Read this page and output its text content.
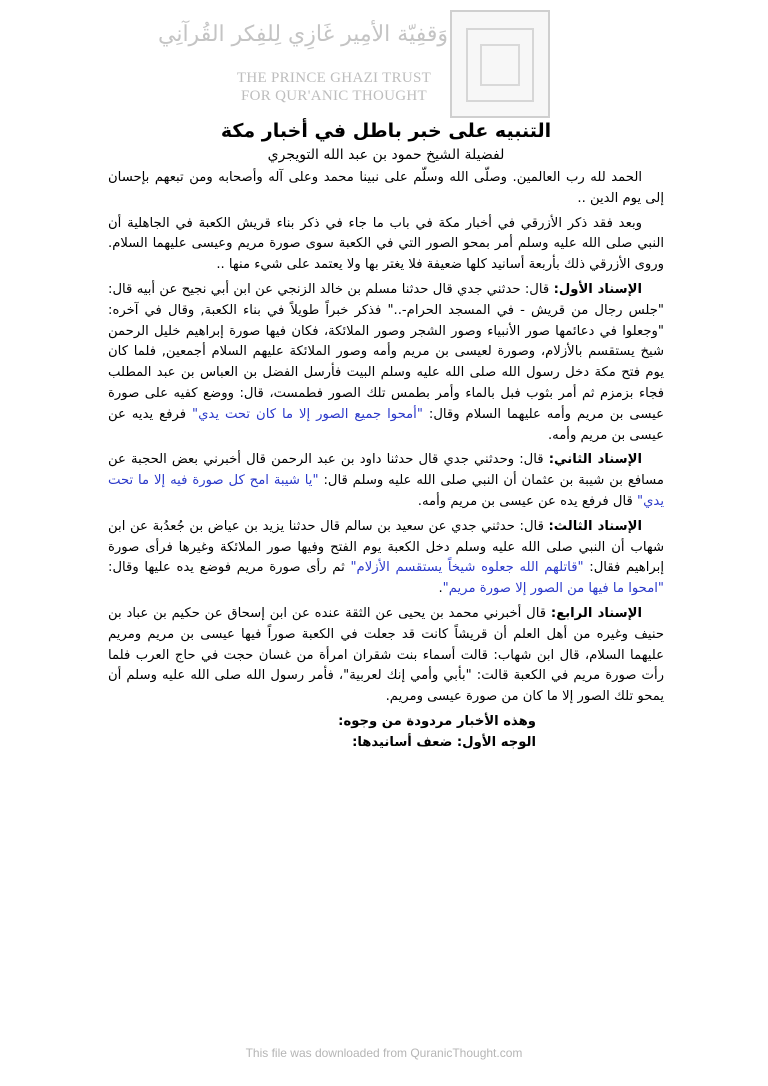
وَقفِيّة الأمِير غَازِي لِلفِكر القُرآنِي
THE PRINCE GHAZI TRUST
FOR QUR'ANIC THOUGHT
التنبيه على خبر باطل في أخبار مكة
لفضيلة الشيخ حمود بن عبد الله التويجري

الحمد لله رب العالمين. وصلّى الله وسلّم على نبينا محمد وعلى آله وأصحابه ومن تبعهم بإحسان إلى يوم الدين ..

وبعد فقد ذكر الأزرقي في أخبار مكة في باب ما جاء في ذكر بناء قريش الكعبة في الجاهلية أن النبي صلى الله عليه وسلم أمر بمحو الصور التي في الكعبة سوى صورة مريم وعيسى عليهما السلام. وروى الأزرقي ذلك بأربعة أسانيد كلها ضعيفة فلا يغتر بها ولا يعتمد على شيء منها ..

الإسناد الأول: قال: حدثني جدي قال حدثنا مسلم بن خالد الزنجي عن ابن أبي نجيح عن أبيه قال: "جلس رجال من قريش - في المسجد الحرام-.." فذكر خبراً طويلاً في بناء الكعبة, وقال في آخره: "وجعلوا في دعائمها صور الأنبياء وصور الشجر وصور الملائكة، فكان فيها صورة إبراهيم خليل الرحمن شيخ يستقسم بالأزلام، وصورة لعيسى بن مريم وأمه وصور الملائكة عليهم السلام أجمعين, فلما كان يوم فتح مكة دخل رسول الله صلى الله عليه وسلم البيت فأرسل الفضل بن العباس بن عبد المطلب فجاء بزمزم ثم أمر بثوب فبل بالماء وأمر بطمس تلك الصور فطمست، قال: ووضع كفيه على صورة عيسى بن مريم وأمه عليهما السلام وقال: "أمحوا جميع الصور إلا ما كان تحت يدي" فرفع يديه عن عيسى بن مريم وأمه.

الإسناد الثاني: قال: وحدثني جدي قال حدثنا داود بن عبد الرحمن قال أخبرني بعض الحجبة عن مسافع بن شيبة بن عثمان أن النبي صلى الله عليه وسلم قال: "يا شيبة امح كل صورة فيه إلا ما تحت يدي" قال فرفع يده عن عيسى بن مريم وأمه.

الإسناد الثالث: قال: حدثني جدي عن سعيد بن سالم قال حدثنا يزيد بن عياض بن جُعدُبة عن ابن شهاب أن النبي صلى الله عليه وسلم دخل الكعبة يوم الفتح وفيها صور الملائكة وغيرها فرأى صورة إبراهيم فقال: "قاتلهم الله جعلوه شيخاً يستقسم الأزلام" ثم رأى صورة مريم فوضع يده عليها وقال: "امحوا ما فيها من الصور إلا صورة مريم".

الإسناد الرابع: قال أخبرني محمد بن يحيى عن الثقة عنده عن ابن إسحاق عن حكيم بن عباد بن حنيف وغيره من أهل العلم أن قريشاً كانت قد جعلت في الكعبة صوراً فيها عيسى بن مريم ومريم عليهما السلام، قال ابن شهاب: قالت أسماء بنت شقران امرأة من غسان حجت في حاج العرب فلما رأت صورة مريم في الكعبة قالت: "بأبي وأمي إنك لعربية"، فأمر رسول الله صلى الله عليه وسلم أن يمحو تلك الصور إلا ما كان من صورة عيسى ومريم.

وهذه الأخبار مردودة من وجوه:

الوجه الأول: ضعف أسانيدها:

This file was downloaded from QuranicThought.com
